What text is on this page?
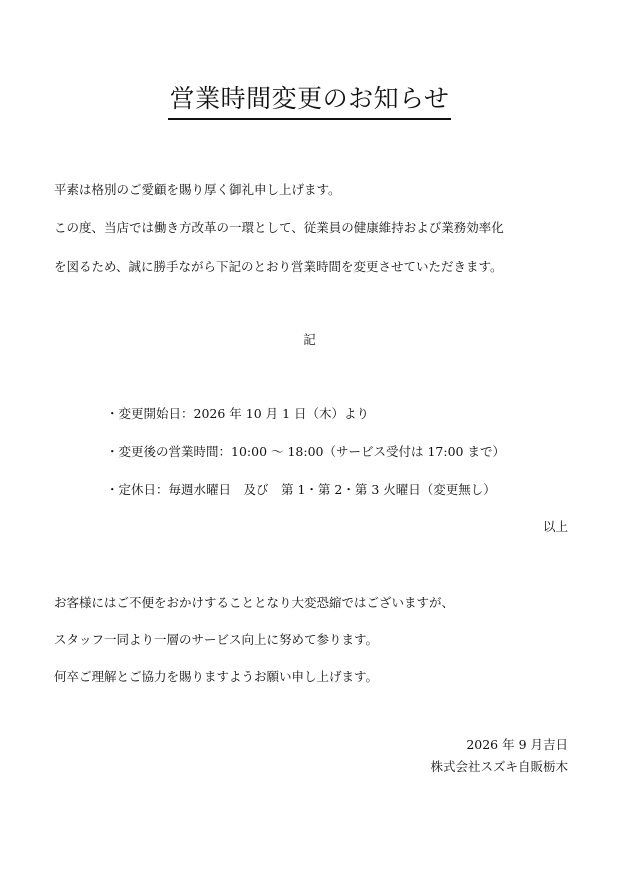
営業時間変更のお知らせ
平素は格別のご愛顧を賜り厚く御礼申し上げます。
この度、当店では働き方改革の一環として、従業員の健康維持および業務効率化
を図るため、誠に勝手ながら下記のとおり営業時間を変更させていただきます。
記
・変更開始日：2026 年 10 月 1 日（木）より
・変更後の営業時間：10:00 〜 18:00（サービス受付は 17:00 まで）
・定休日：毎週水曜日　及び　第 1・第 2・第 3 火曜日（変更無し）
以上
お客様にはご不便をおかけすることとなり大変恐縮ではございますが、
スタッフ一同より一層のサービス向上に努めて参ります。
何卒ご理解とご協力を賜りますようお願い申し上げます。
2026 年 9 月吉日
株式会社スズキ自販栃木
